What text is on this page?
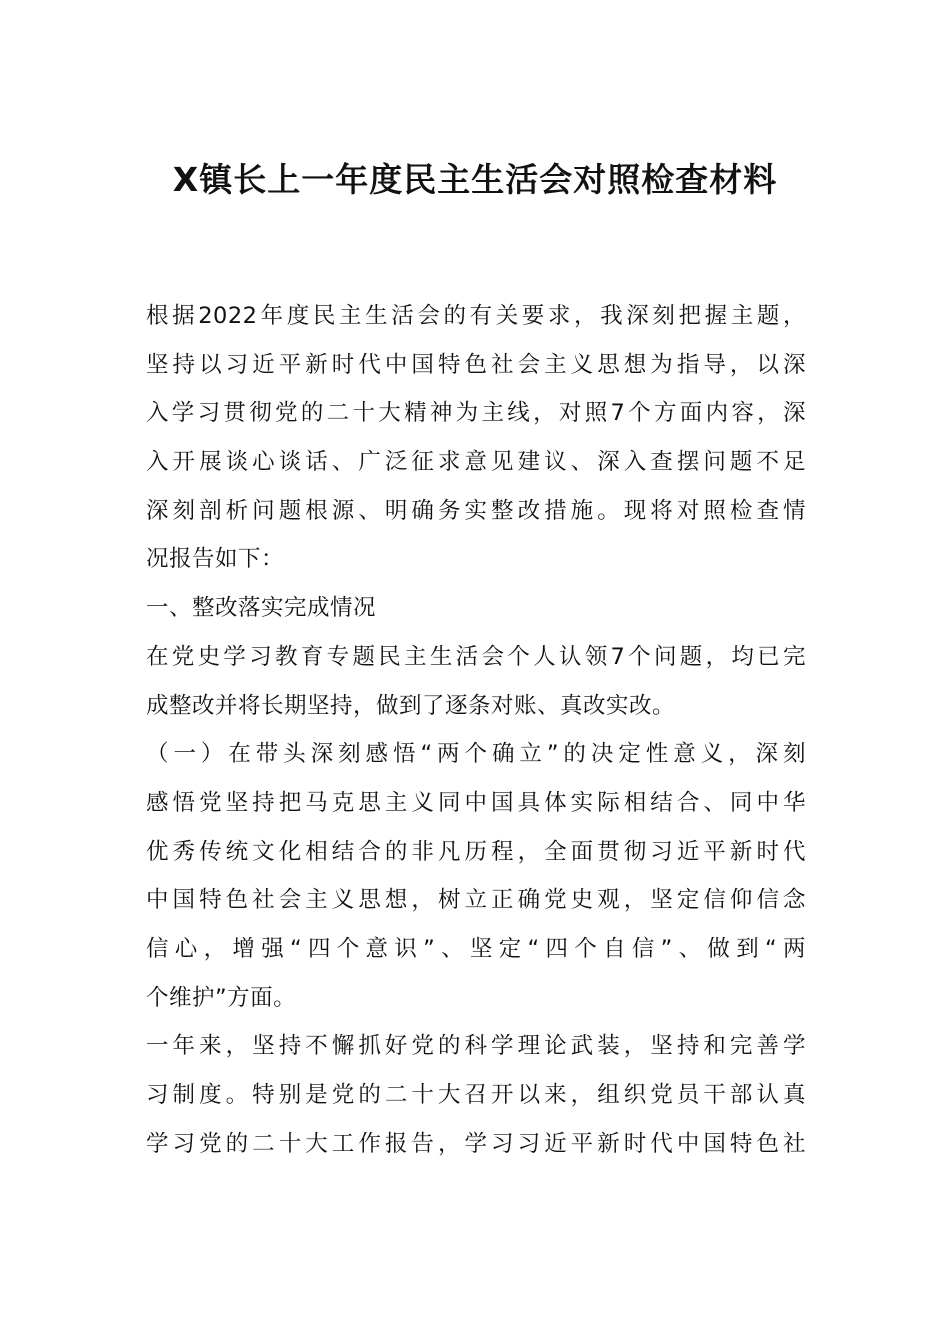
X镇长上一年度民主生活会对照检查材料
根据2022年度民主生活会的有关要求，我深刻把握主题，
坚持以习近平新时代中国特色社会主义思想为指导，以深
入学习贯彻党的二十大精神为主线，对照7个方面内容，深
入开展谈心谈话、广泛征求意见建议、深入查摆问题不足
深刻剖析问题根源、明确务实整改措施。现将对照检查情
况报告如下：
一、整改落实完成情况
在党史学习教育专题民主生活会个人认领7个问题，均已完
成整改并将长期坚持，做到了逐条对账、真改实改。
（一）在带头深刻感悟“两个确立”的决定性意义，深刻
感悟党坚持把马克思主义同中国具体实际相结合、同中华
优秀传统文化相结合的非凡历程，全面贯彻习近平新时代
中国特色社会主义思想，树立正确党史观，坚定信仰信念
信心，增强“四个意识”、坚定“四个自信”、做到“两
个维护”方面。
一年来，坚持不懈抓好党的科学理论武装，坚持和完善学
习制度。特别是党的二十大召开以来，组织党员干部认真
学习党的二十大工作报告，学习习近平新时代中国特色社
